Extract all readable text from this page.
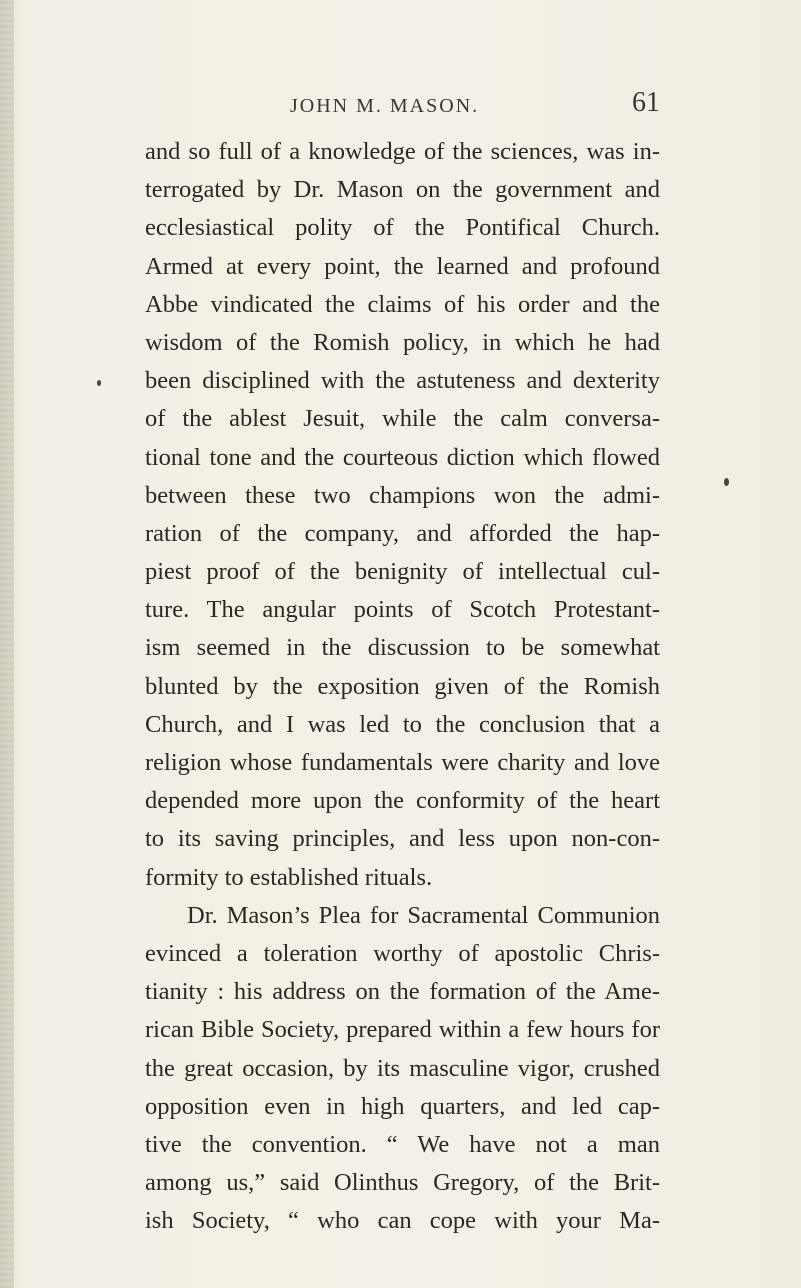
JOHN M. MASON.	61
and so full of a knowledge of the sciences, was in-
terrogated by Dr. Mason on the government and
ecclesiastical polity of the Pontifical Church.
Armed at every point, the learned and profound
Abbe vindicated the claims of his order and the
wisdom of the Romish policy, in which he had
been disciplined with the astuteness and dexterity
of the ablest Jesuit, while the calm conversa-
tional tone and the courteous diction which flowed
between these two champions won the admi-
ration of the company, and afforded the hap-
piest proof of the benignity of intellectual cul-
ture. The angular points of Scotch Protestant-
ism seemed in the discussion to be somewhat
blunted by the exposition given of the Romish
Church, and I was led to the conclusion that a
religion whose fundamentals were charity and love
depended more upon the conformity of the heart
to its saving principles, and less upon non-con-
formity to established rituals.
Dr. Mason’s Plea for Sacramental Communion
evinced a toleration worthy of apostolic Chris-
tianity : his address on the formation of the Ame-
rican Bible Society, prepared within a few hours for
the great occasion, by its masculine vigor, crushed
opposition even in high quarters, and led cap-
tive the convention. “ We have not a man
among us,” said Olinthus Gregory, of the Brit-
ish Society, “ who can cope with your Ma-
